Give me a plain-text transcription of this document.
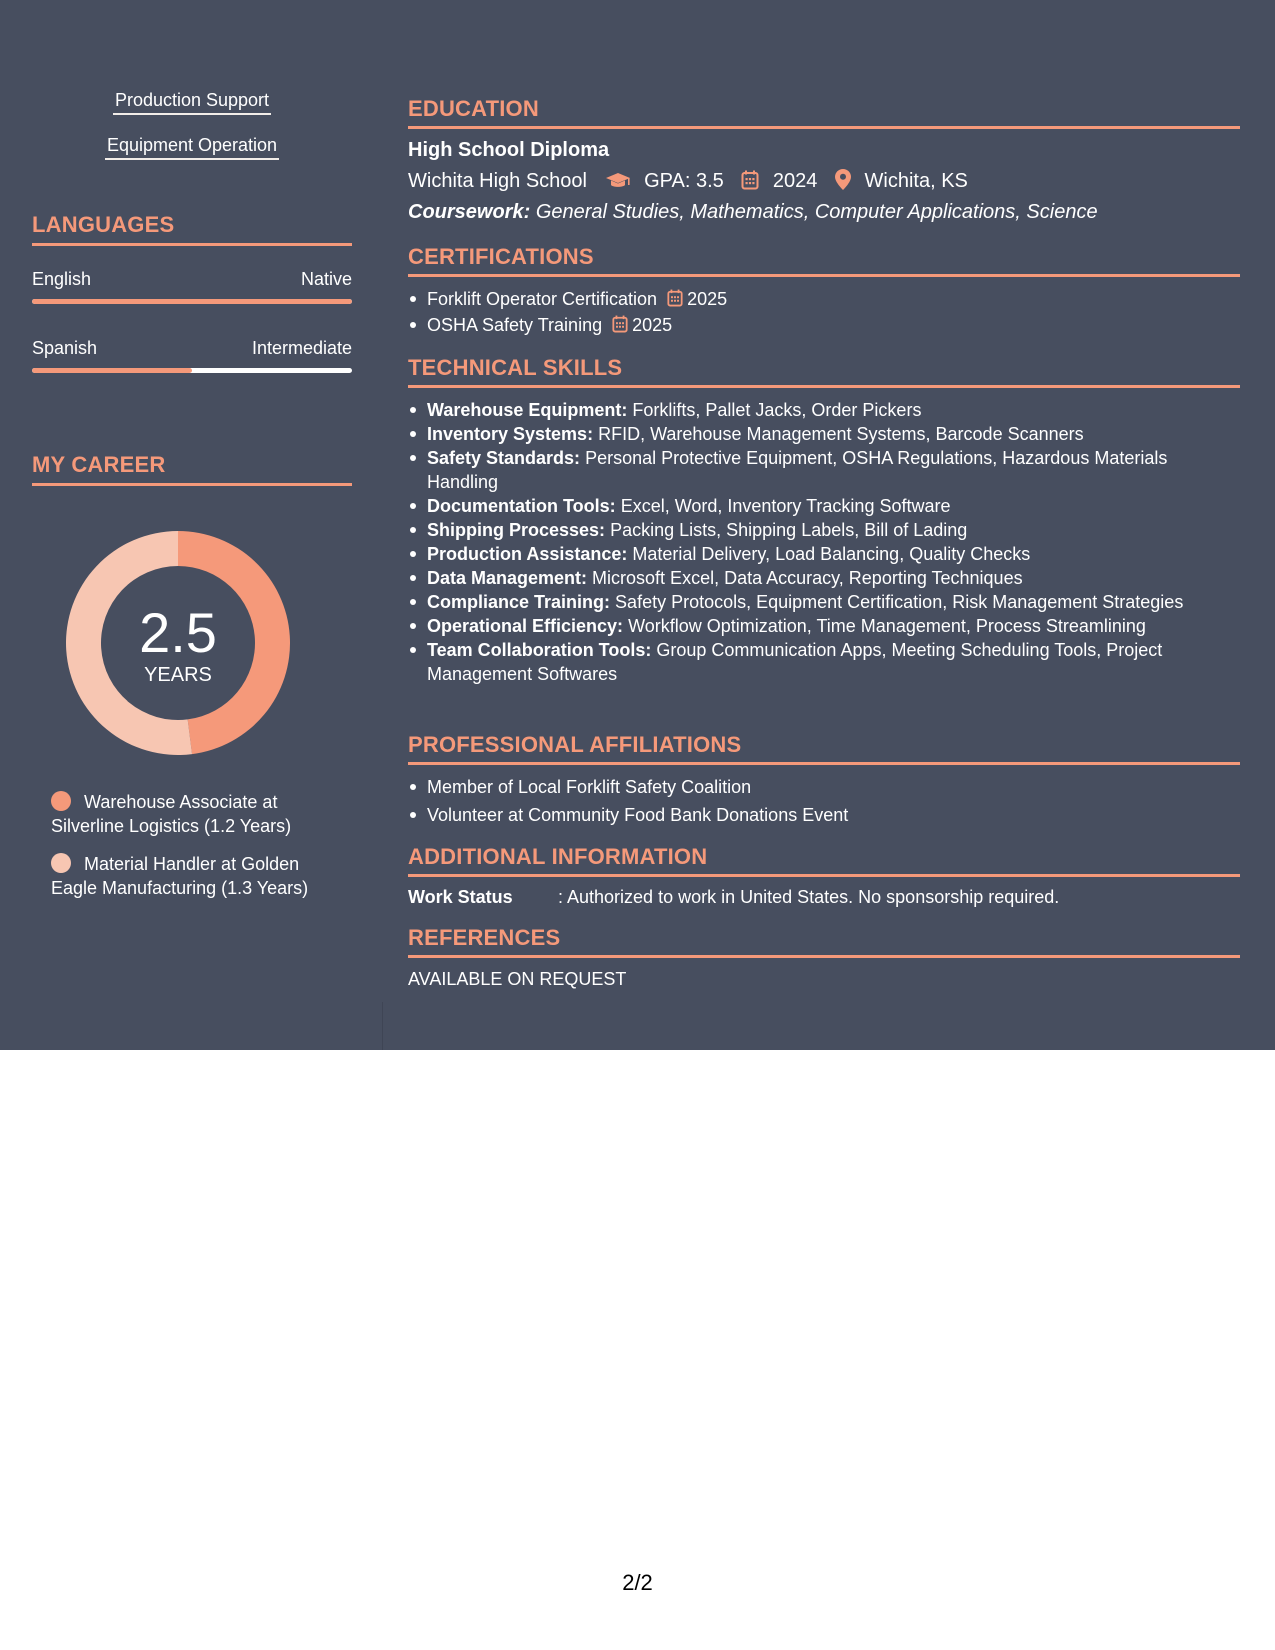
Production Support
Equipment Operation
LANGUAGES
English	Native
Spanish	Intermediate
MY CAREER
2.5
YEARS
Warehouse Associate at Silverline Logistics (1.2 Years)
Material Handler at Golden Eagle Manufacturing (1.3 Years)
EDUCATION
High School Diploma
Wichita High School	GPA: 3.5 2024 Wichita, KS
Coursework: General Studies, Mathematics, Computer Applications, Science
CERTIFICATIONS
Forklift Operator Certification 2025
OSHA Safety Training 2025
TECHNICAL SKILLS
Warehouse Equipment: Forklifts, Pallet Jacks, Order Pickers
Inventory Systems: RFID, Warehouse Management Systems, Barcode Scanners
Safety Standards: Personal Protective Equipment, OSHA Regulations, Hazardous Materials Handling
Documentation Tools: Excel, Word, Inventory Tracking Software
Shipping Processes: Packing Lists, Shipping Labels, Bill of Lading
Production Assistance: Material Delivery, Load Balancing, Quality Checks
Data Management: Microsoft Excel, Data Accuracy, Reporting Techniques
Compliance Training: Safety Protocols, Equipment Certification, Risk Management Strategies
Operational Efficiency: Workflow Optimization, Time Management, Process Streamlining
Team Collaboration Tools: Group Communication Apps, Meeting Scheduling Tools, Project Management Softwares
PROFESSIONAL AFFILIATIONS
Member of Local Forklift Safety Coalition
Volunteer at Community Food Bank Donations Event
ADDITIONAL INFORMATION
Work Status	: Authorized to work in United States. No sponsorship required.
REFERENCES
AVAILABLE ON REQUEST
2/2
